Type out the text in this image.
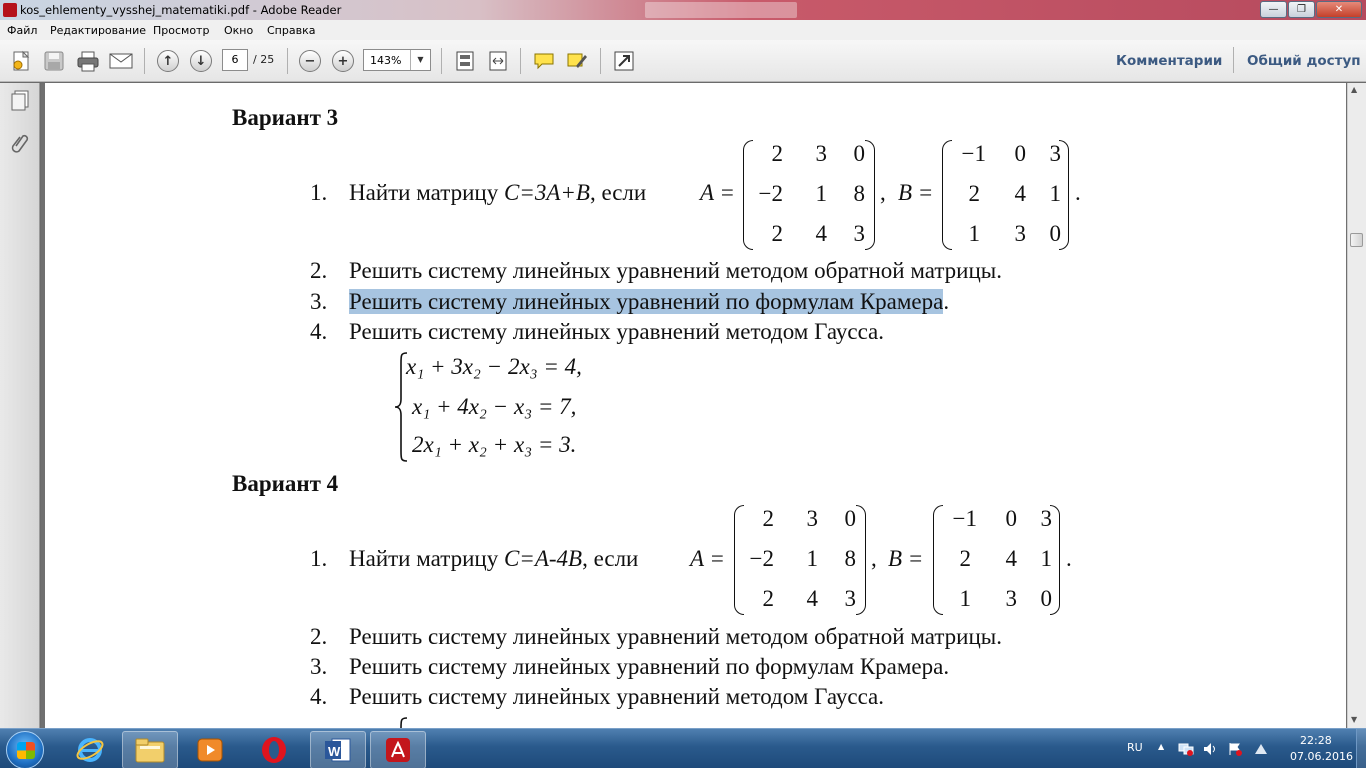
kos_ehlementy_vysshej_matematiki.pdf - Adobe Reader	—	❐	✕
Файл Редактирование Просмотр Окно Справка
↑	↓	6	/ 25	−	+	143%	▼	Комментарии Общий доступ
Вариант 3
1. Найти матрицу C=3A+B, если A =
2	3	0
−2	1	8
2	4	3
, B =
−1	0	3
2	4	1
1	3	0
.
2. Решить систему линейных уравнений методом обратной матрицы.
3. Решить систему линейных уравнений по формулам Крамера.
4. Решить систему линейных уравнений методом Гаусса.
x₁ + 3x₂ − 2x₃ = 4,
x₁ + 4x₂ − x₃ = 7,
2x₁ + x₂ + x₃ = 3.
Вариант 4
1. Найти матрицу C=A-4B, если A =
2	3	0
−2	1	8
2	4	3
, B =
−1	0	3
2	4	1
1	3	0
.
2. Решить систему линейных уравнений методом обратной матрицы.
3. Решить систему линейных уравнений по формулам Крамера.
4. Решить систему линейных уравнений методом Гаусса.
▲
▼
W	RU ▲	22:28
07.06.2016
